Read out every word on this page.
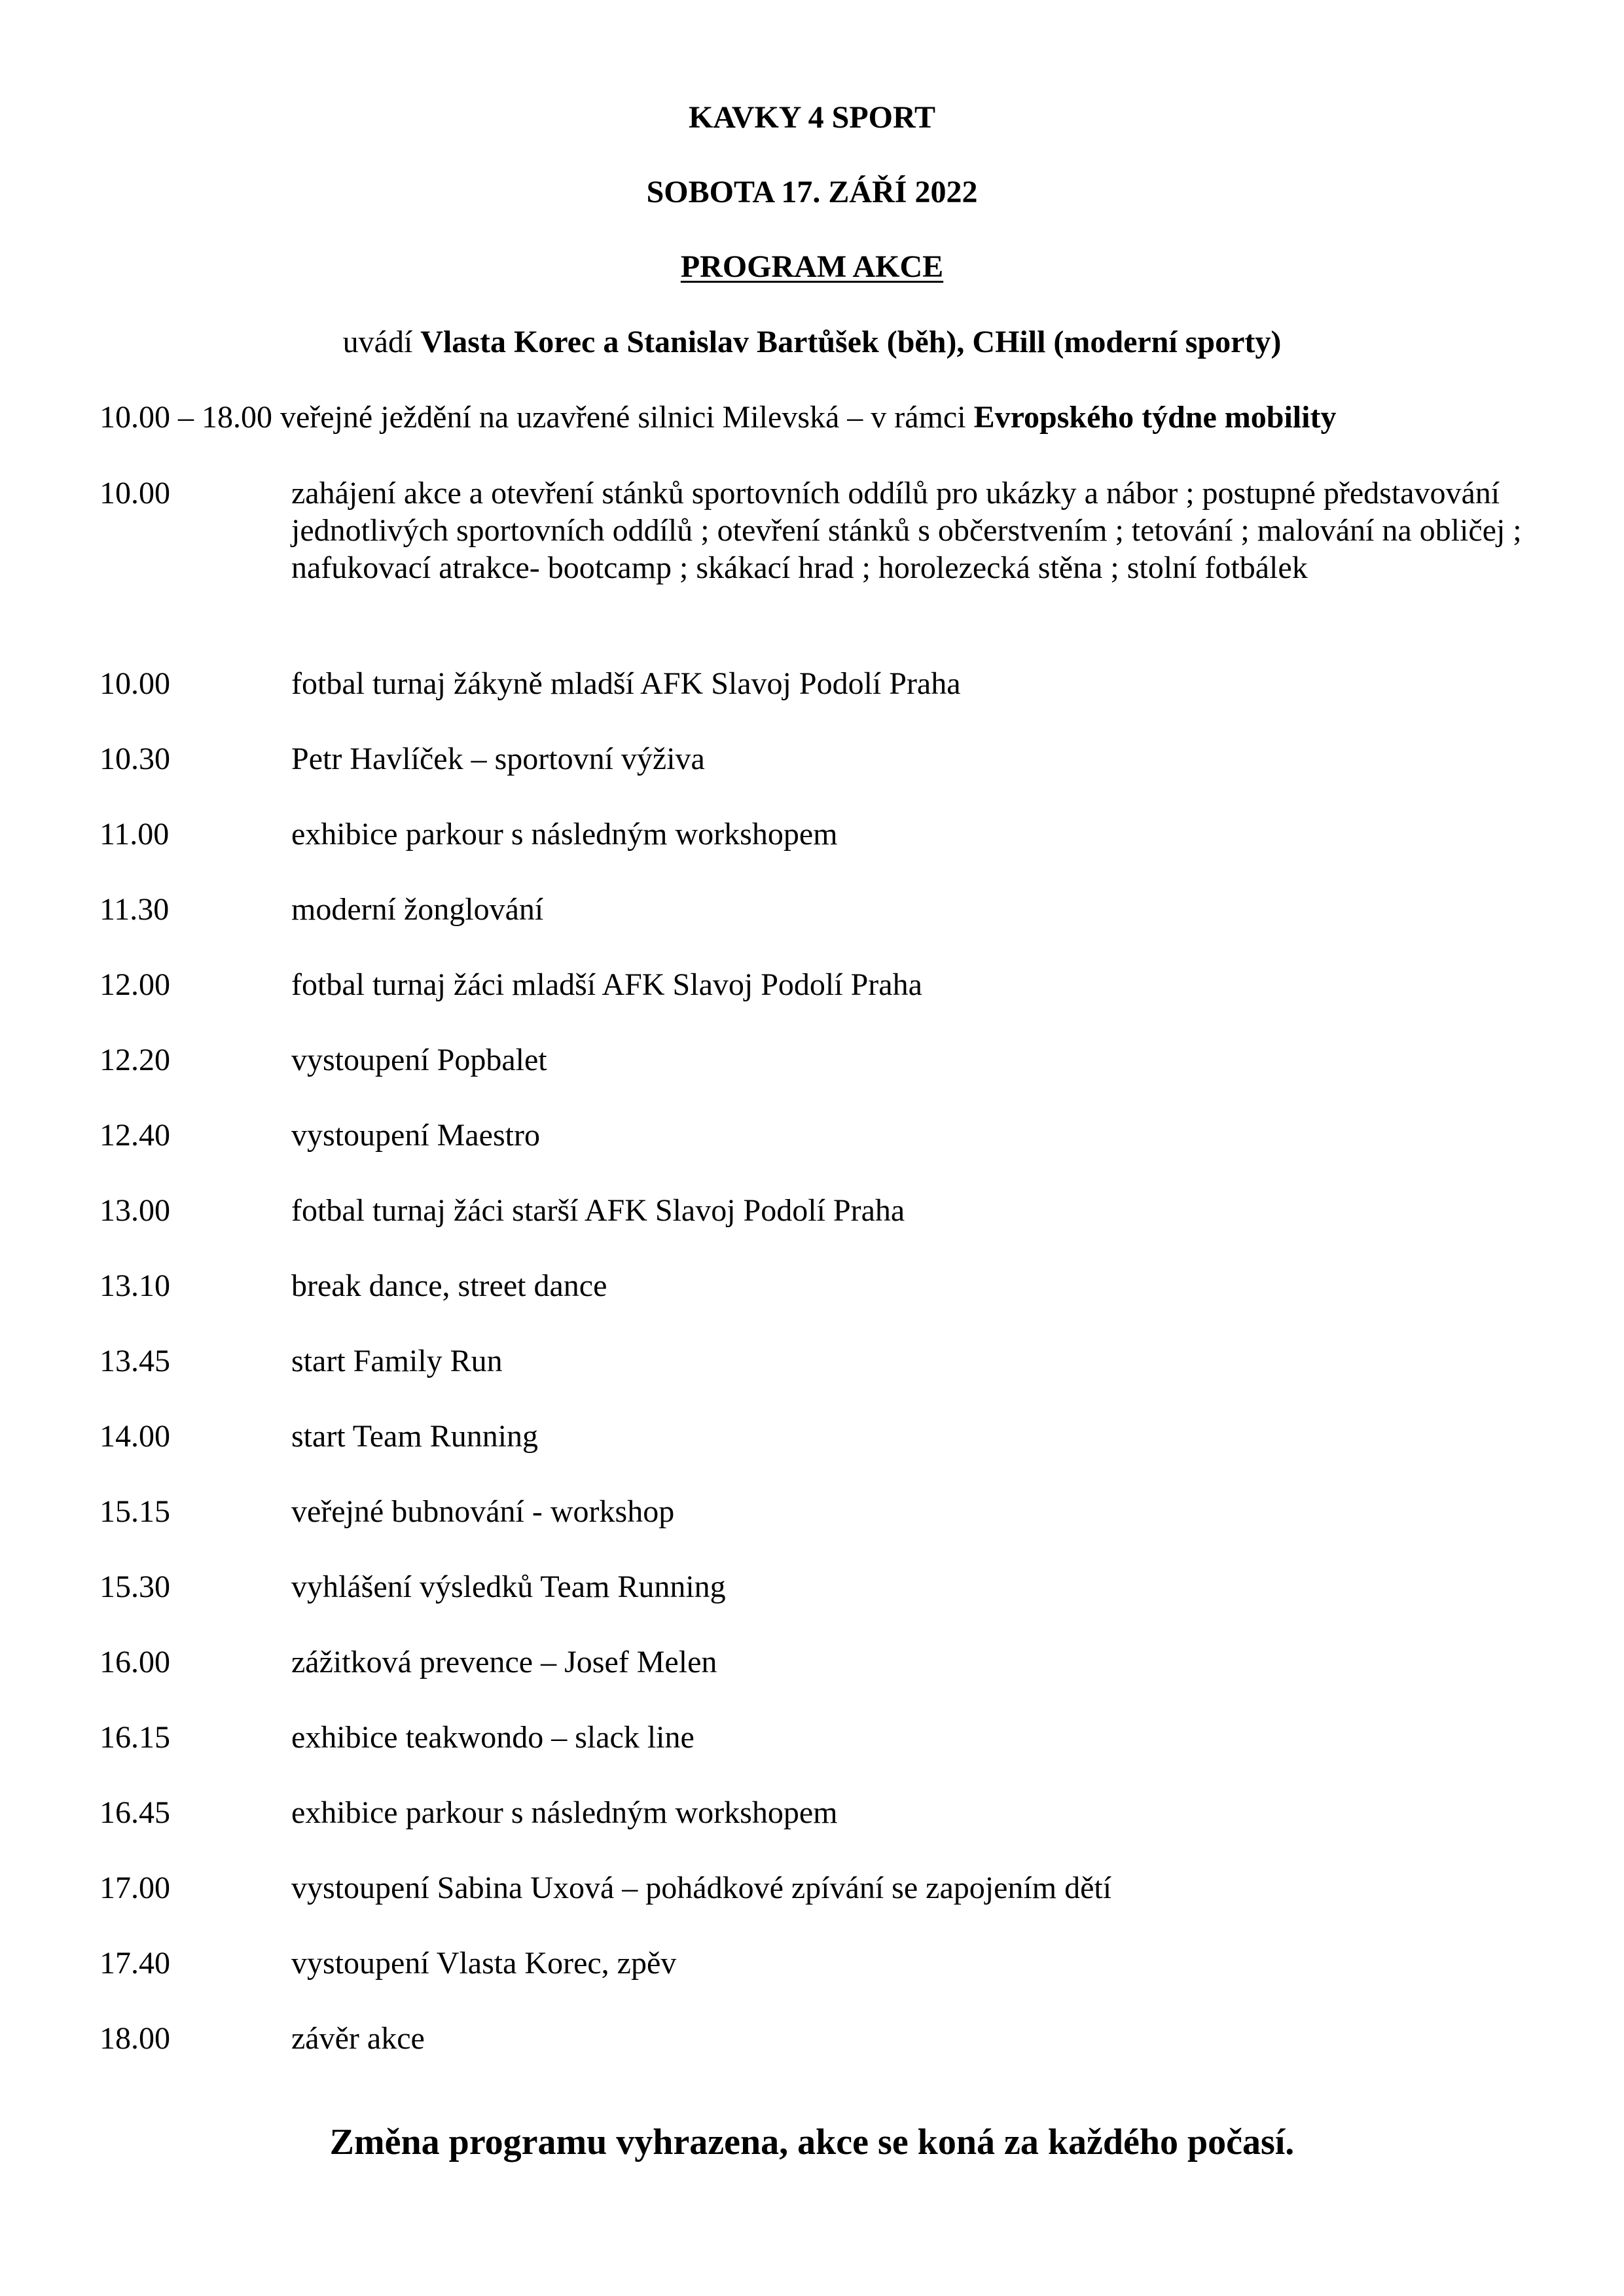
KAVKY 4 SPORT
SOBOTA 17. ZÁŘÍ 2022
PROGRAM AKCE
uvádí Vlasta Korec a Stanislav Bartůšek (běh), CHill (moderní sporty)
10.00 – 18.00 veřejné ježdění na uzavřené silnici Milevská – v rámci Evropského týdne mobility
10.00	zahájení akce a otevření stánků sportovních oddílů pro ukázky a nábor ; postupné představování jednotlivých sportovních oddílů ; otevření stánků s občerstvením ; tetování ; malování na obličej ; nafukovací atrakce- bootcamp ; skákací hrad ; horolezecká stěna ; stolní fotbálek
10.00	fotbal turnaj žákyně mladší AFK Slavoj Podolí Praha
10.30	Petr Havlíček – sportovní výživa
11.00	exhibice parkour s následným workshopem
11.30	moderní žonglování
12.00	fotbal turnaj žáci mladší AFK Slavoj Podolí Praha
12.20	vystoupení Popbalet
12.40	vystoupení Maestro
13.00	fotbal turnaj žáci starší AFK Slavoj Podolí Praha
13.10	break dance, street dance
13.45	start Family Run
14.00	start Team Running
15.15	veřejné bubnování - workshop
15.30	vyhlášení výsledků Team Running
16.00	zážitková prevence – Josef Melen
16.15	exhibice teakwondo – slack line
16.45	exhibice parkour s následným workshopem
17.00	vystoupení Sabina Uxová – pohádkové zpívání se zapojením dětí
17.40	vystoupení Vlasta Korec, zpěv
18.00	závěr akce
Změna programu vyhrazena, akce se koná za každého počasí.
